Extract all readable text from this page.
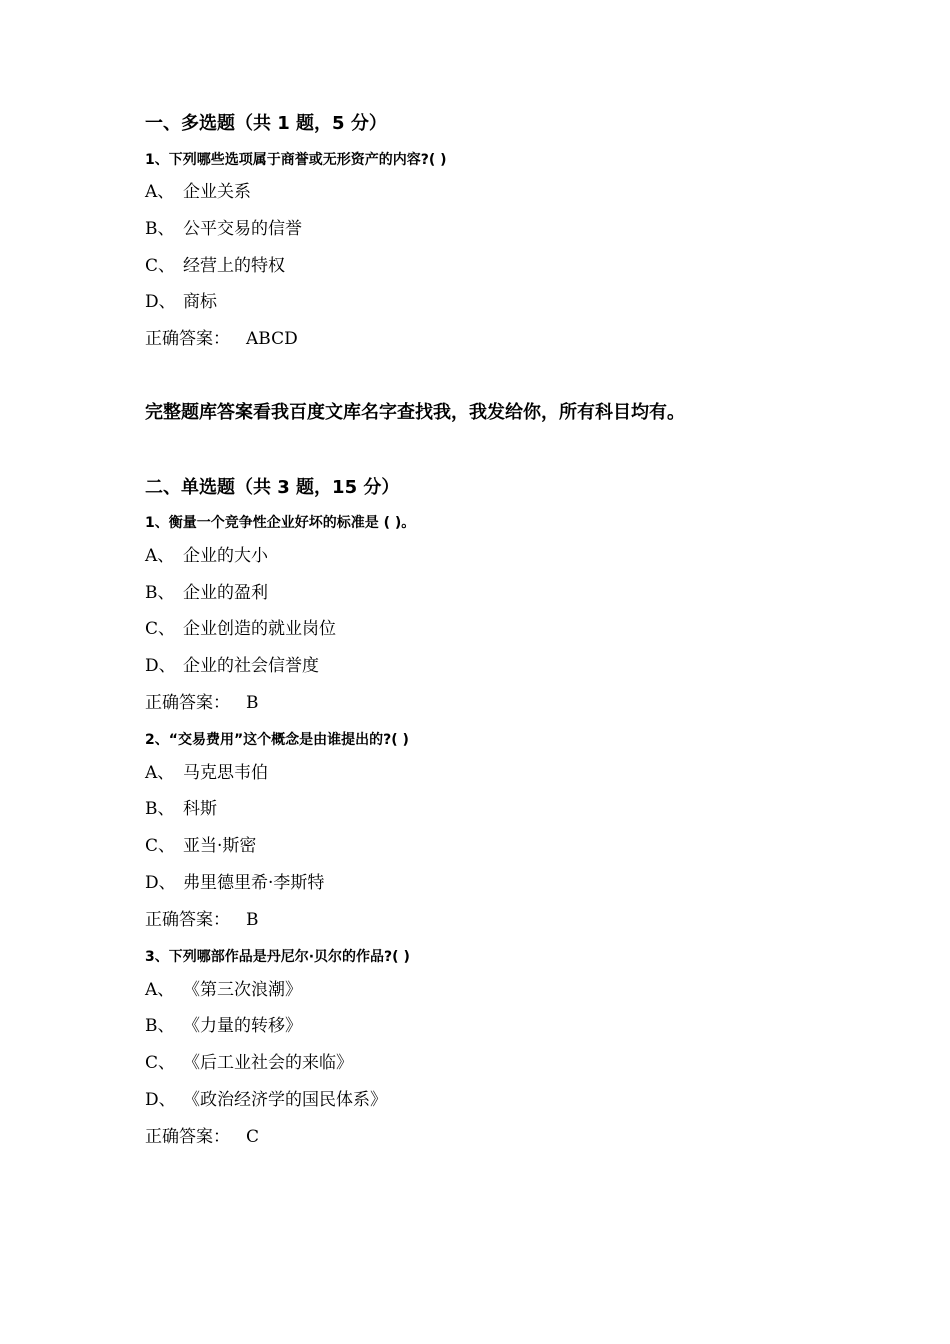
一、多选题（共 1 题，5 分）
1、下列哪些选项属于商誉或无形资产的内容?( )
A、 企业关系
B、 公平交易的信誉
C、 经营上的特权
D、 商标
正确答案： ABCD
完整题库答案看我百度文库名字查找我，我发给你，所有科目均有。
二、单选题（共 3 题，15 分）
1、衡量一个竞争性企业好坏的标准是 ( )。
A、 企业的大小
B、 企业的盈利
C、 企业创造的就业岗位
D、 企业的社会信誉度
正确答案： B
2、“交易费用”这个概念是由谁提出的?( )
A、 马克思韦伯
B、 科斯
C、 亚当·斯密
D、 弗里德里希·李斯特
正确答案： B
3、下列哪部作品是丹尼尔·贝尔的作品?( )
A、 《第三次浪潮》
B、 《力量的转移》
C、 《后工业社会的来临》
D、 《政治经济学的国民体系》
正确答案： C
